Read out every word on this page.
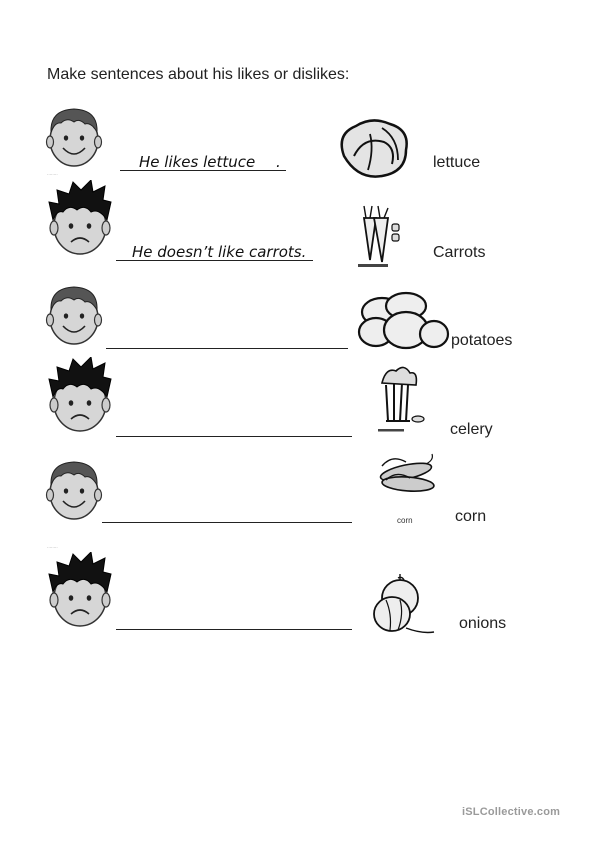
Make sentences about his likes or dislikes:
········
He likes lettuce .	lettuce
He doesn’t like carrots.	Carrots
potatoes
celery
········
corn	corn
onions
iSLCollective.com
